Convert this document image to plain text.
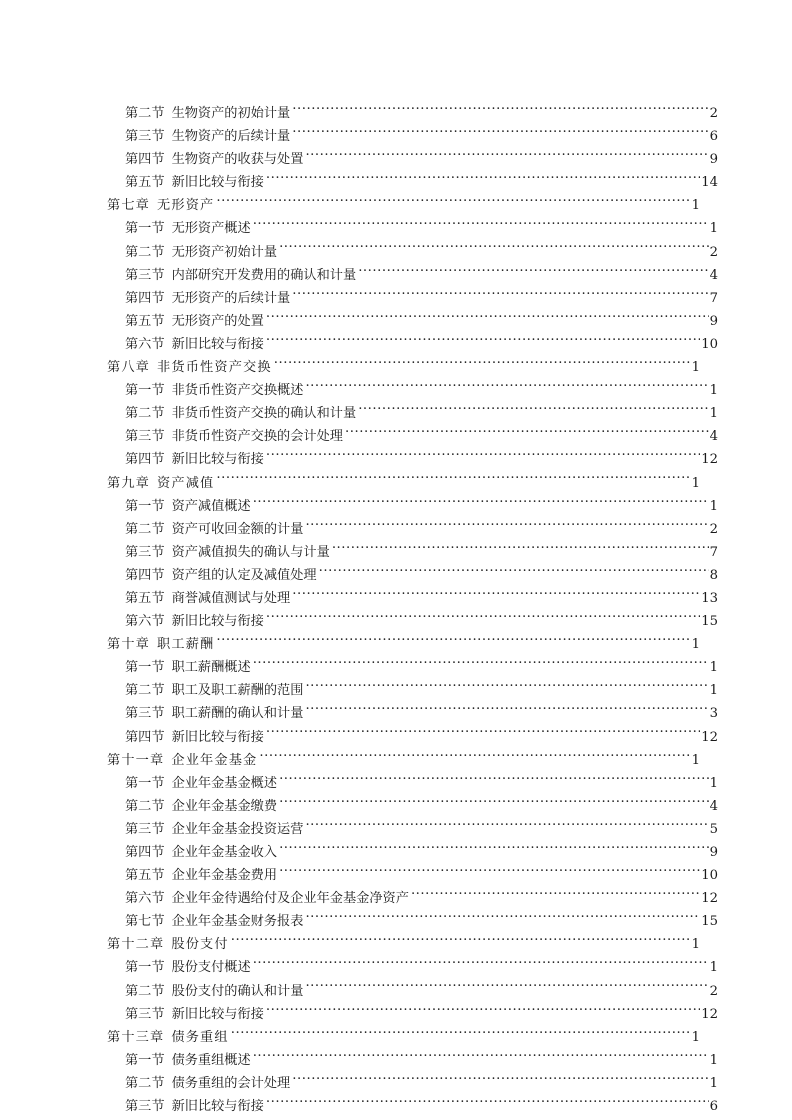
第二节 生物资产的初始计量 .....	2
第三节 生物资产的后续计量 .....	6
第四节 生物资产的收获与处置 .....	9
第五节 新旧比较与衔接 .....	14
第七章 无形资产 .....	1
第一节 无形资产概述 .....	1
第二节 无形资产初始计量 .....	2
第三节 内部研究开发费用的确认和计量 .....	4
第四节 无形资产的后续计量 .....	7
第五节 无形资产的处置 .....	9
第六节 新旧比较与衔接 .....	10
第八章 非货币性资产交换 .....	1
第一节 非货币性资产交换概述 .....	1
第二节 非货币性资产交换的确认和计量 .....	1
第三节 非货币性资产交换的会计处理 .....	4
第四节 新旧比较与衔接 .....	12
第九章 资产减值 .....	1
第一节 资产减值概述 .....	1
第二节 资产可收回金额的计量 .....	2
第三节 资产减值损失的确认与计量 .....	7
第四节 资产组的认定及减值处理 .....	8
第五节 商誉减值测试与处理 .....	13
第六节 新旧比较与衔接 .....	15
第十章 职工薪酬 .....	1
第一节 职工薪酬概述 .....	1
第二节 职工及职工薪酬的范围 .....	1
第三节 职工薪酬的确认和计量 .....	3
第四节 新旧比较与衔接 .....	12
第十一章 企业年金基金 .....	1
第一节 企业年金基金概述 .....	1
第二节 企业年金基金缴费 .....	4
第三节 企业年金基金投资运营 .....	5
第四节 企业年金基金收入 .....	9
第五节 企业年金基金费用 .....	10
第六节 企业年金待遇给付及企业年金基金净资产 .....	12
第七节 企业年金基金财务报表 .....	15
第十二章 股份支付 .....	1
第一节 股份支付概述 .....	1
第二节 股份支付的确认和计量 .....	2
第三节 新旧比较与衔接 .....	12
第十三章 债务重组 .....	1
第一节 债务重组概述 .....	1
第二节 债务重组的会计处理 .....	1
第三节 新旧比较与衔接 .....	6
